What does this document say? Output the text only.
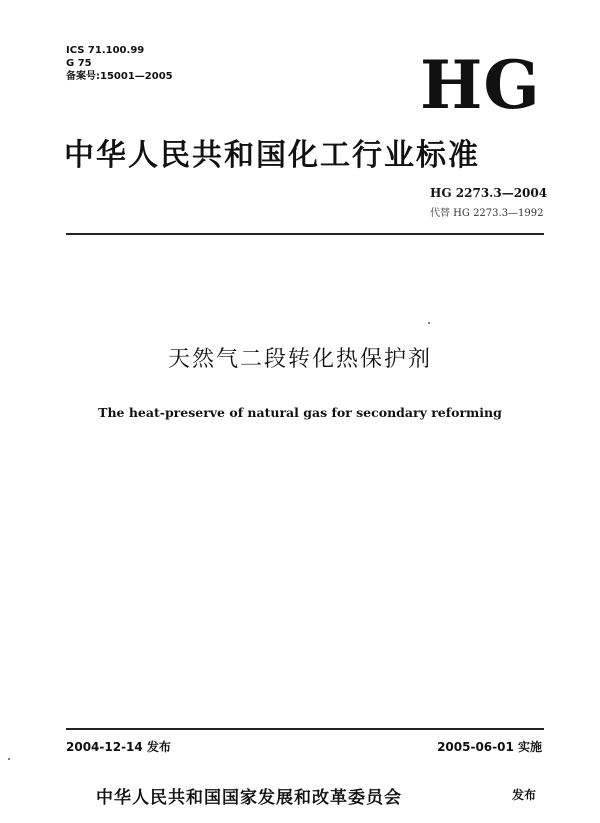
ICS 71.100.99
G 75
备案号:15001—2005	HG
中华人民共和国化工行业标准
HG 2273.3—2004
代替 HG 2273.3—1992
天然气二段转化热保护剂
The heat-preserve of natural gas for secondary reforming
2004-12-14 发布	2005-06-01 实施
中华人民共和国国家发展和改革委员会	发布
